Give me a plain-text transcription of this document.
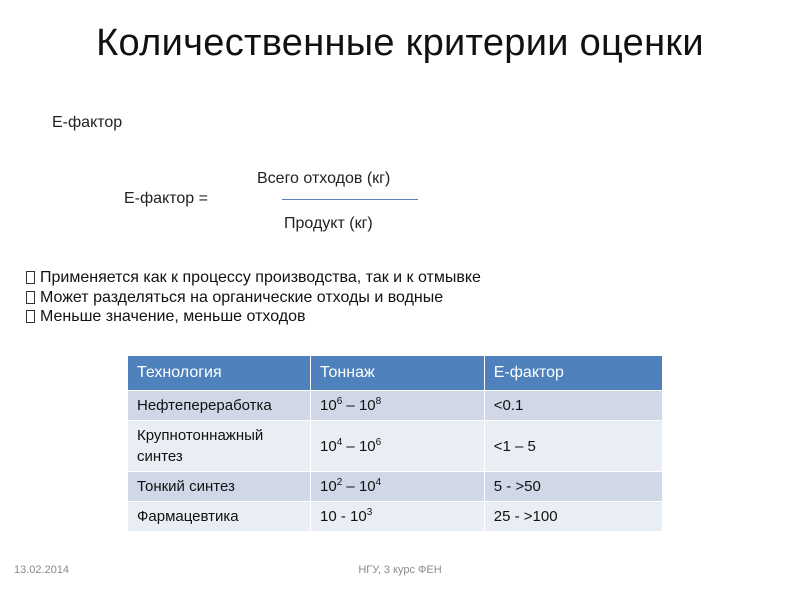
Количественные критерии оценки
Е-фактор
Е-фактор =
Всего отходов (кг)
Продукт (кг)
Применяется как к процессу производства, так и к отмывке
Может разделяться на органические отходы и водные
Меньше значение, меньше отходов
Технология	Тоннаж	Е-фактор
Нефтепереработка	$10^6 - 10^8$	<0.1
Крупнотоннажный синтез	$10^4 - 10^6$	<1 – 5
Тонкий синтез	$10^2 - 10^4$	5 - >50
Фармацевтика	$10 - 10^3$	25 - >100
13.02.2014	НГУ, 3 курс ФЕН
